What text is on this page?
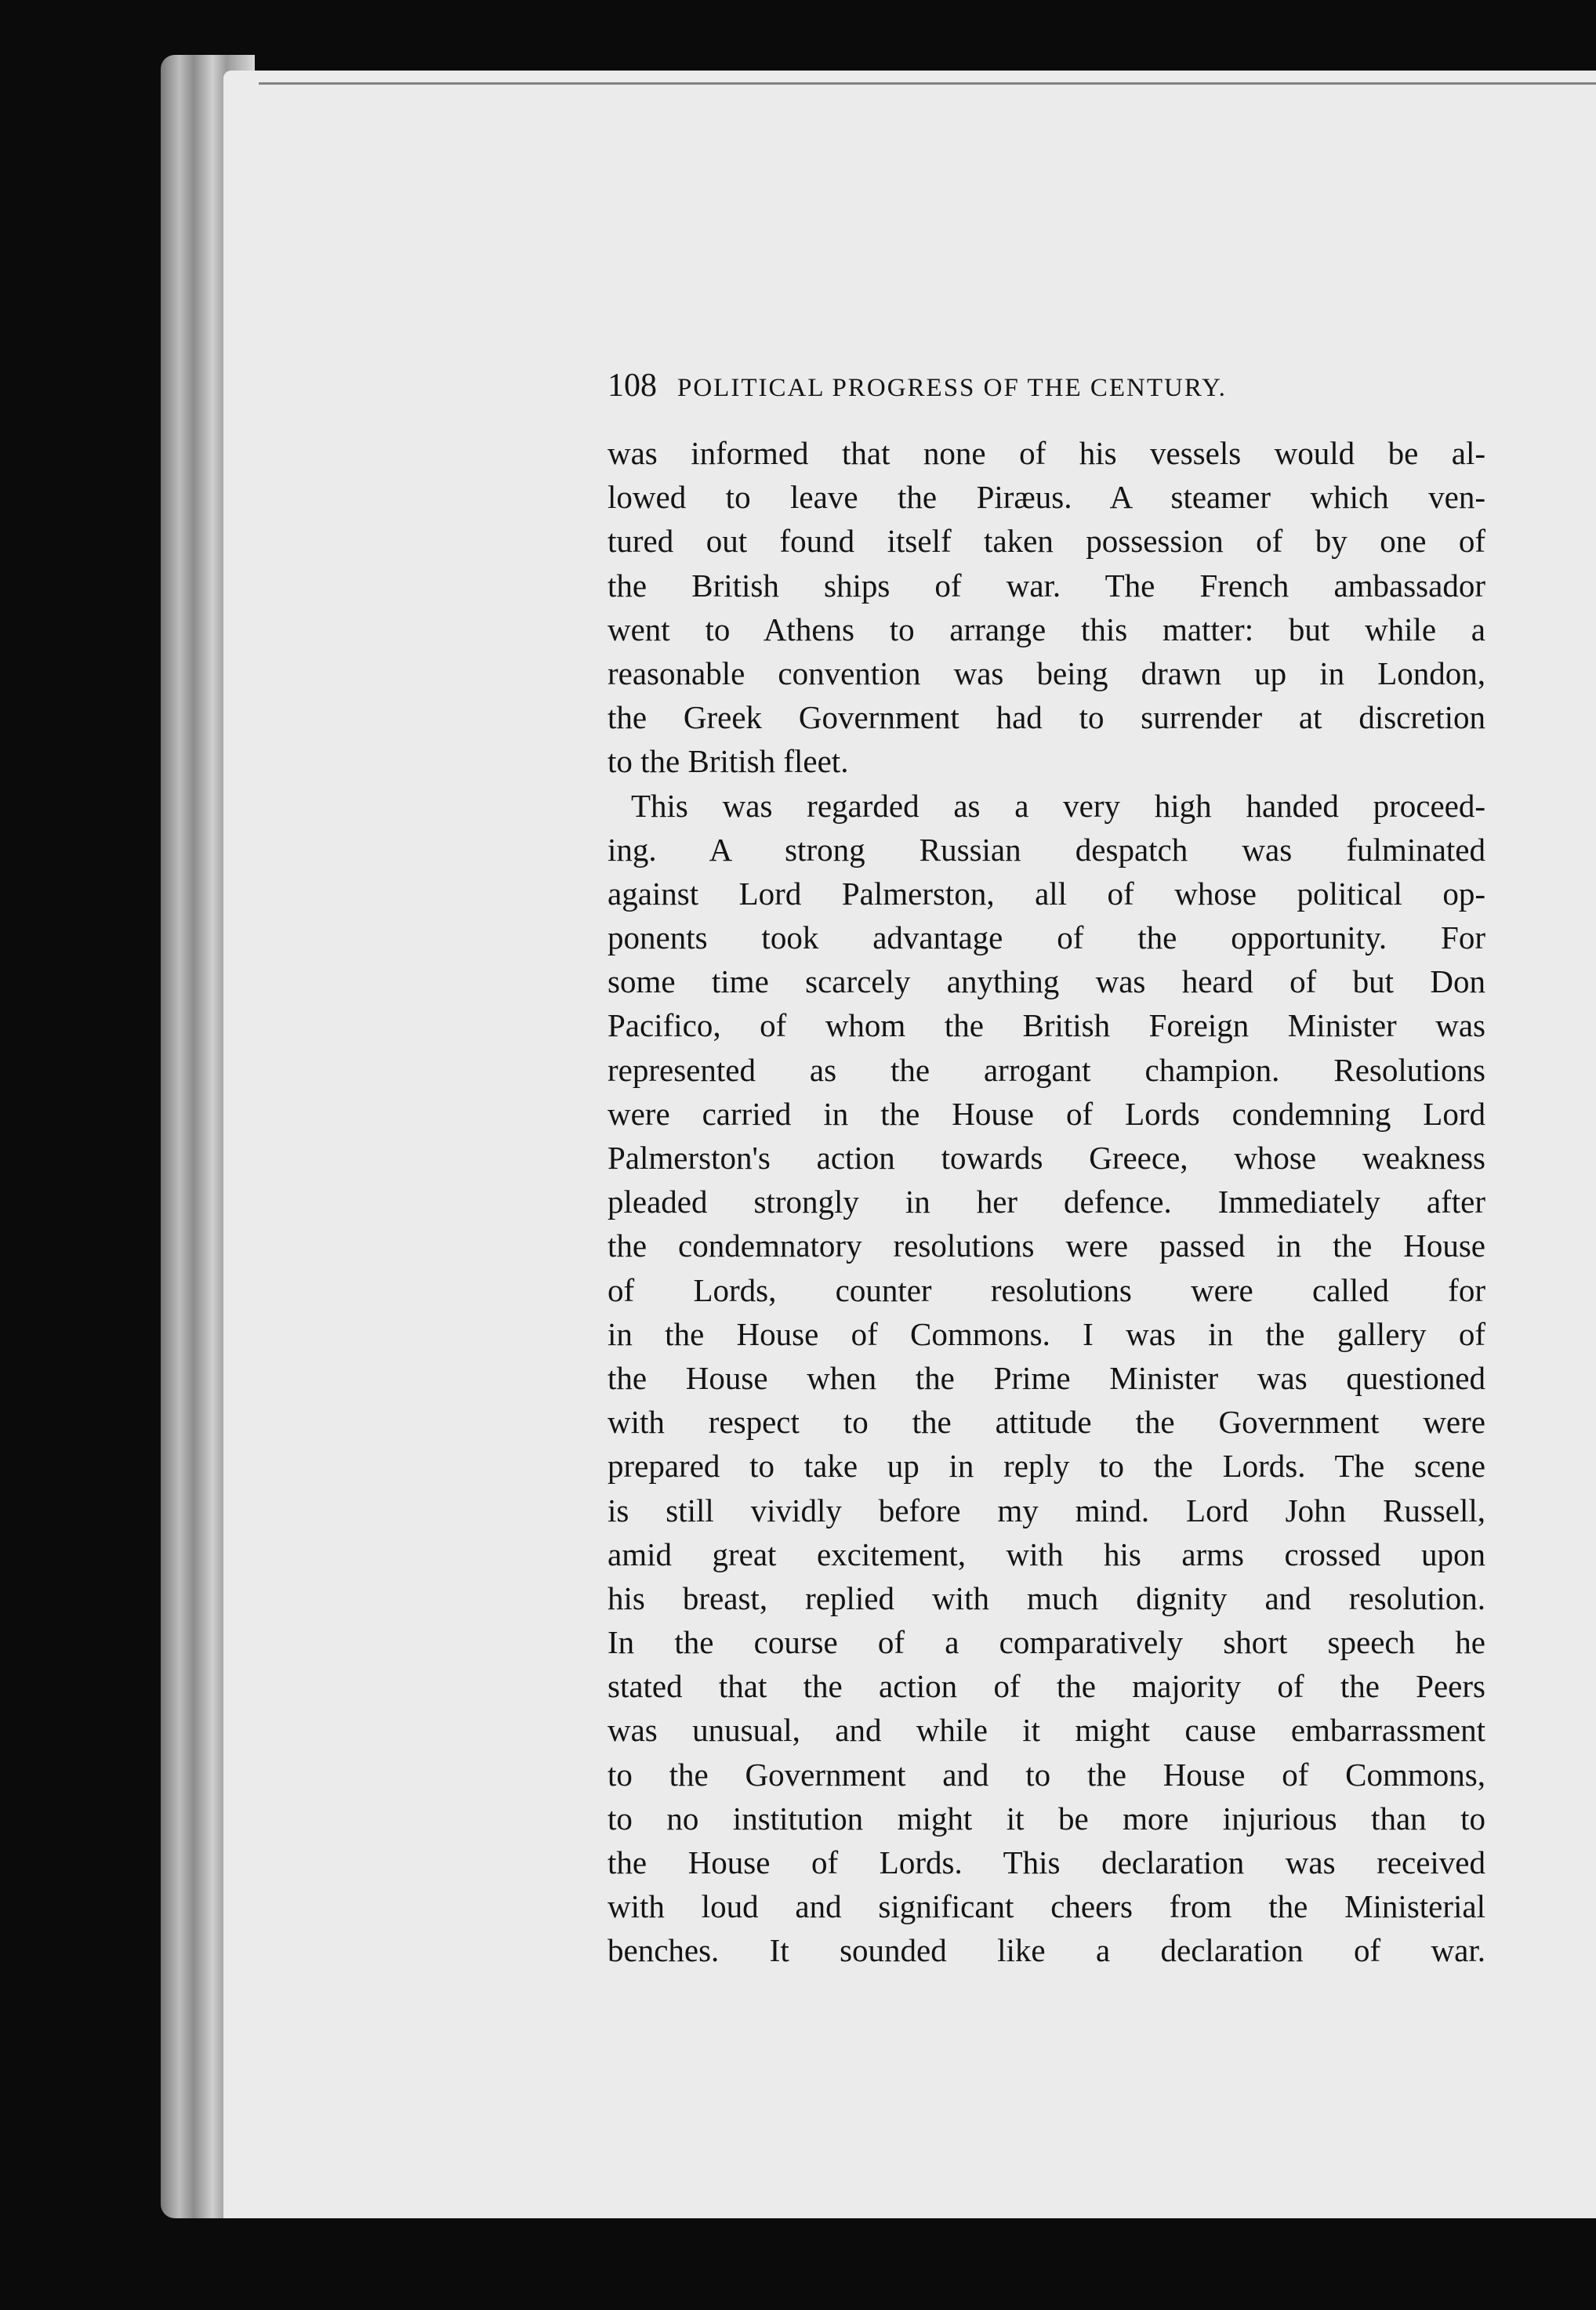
108 POLITICAL PROGRESS OF THE CENTURY.
was informed that none of his vessels would be al-
lowed to leave the Piræus. A steamer which ven-
tured out found itself taken possession of by one of
the British ships of war. The French ambassador
went to Athens to arrange this matter: but while a
reasonable convention was being drawn up in London,
the Greek Government had to surrender at discretion
to the British fleet.
This was regarded as a very high handed proceed-
ing. A strong Russian despatch was fulminated
against Lord Palmerston, all of whose political op-
ponents took advantage of the opportunity. For
some time scarcely anything was heard of but Don
Pacifico, of whom the British Foreign Minister was
represented as the arrogant champion. Resolutions
were carried in the House of Lords condemning Lord
Palmerston's action towards Greece, whose weakness
pleaded strongly in her defence. Immediately after
the condemnatory resolutions were passed in the House
of Lords, counter resolutions were called for
in the House of Commons. I was in the gallery of
the House when the Prime Minister was questioned
with respect to the attitude the Government were
prepared to take up in reply to the Lords. The scene
is still vividly before my mind. Lord John Russell,
amid great excitement, with his arms crossed upon
his breast, replied with much dignity and resolution.
In the course of a comparatively short speech he
stated that the action of the majority of the Peers
was unusual, and while it might cause embarrassment
to the Government and to the House of Commons,
to no institution might it be more injurious than to
the House of Lords. This declaration was received
with loud and significant cheers from the Ministerial
benches. It sounded like a declaration of war.
